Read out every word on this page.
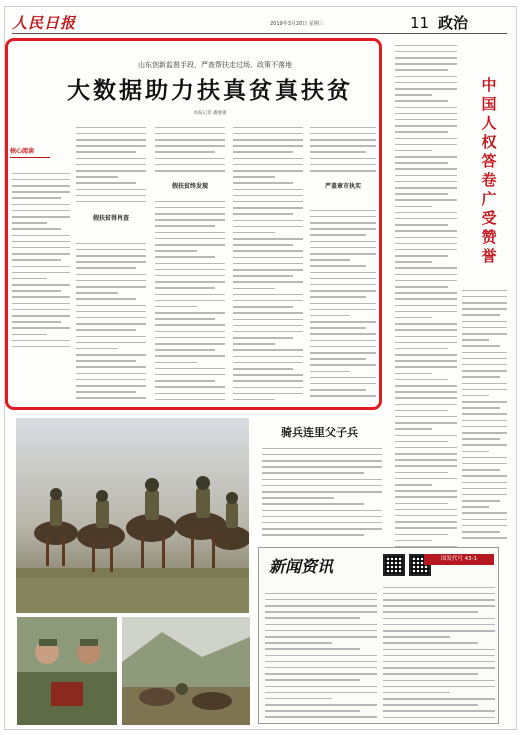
人民日报	2019年3月20日 星期三	11 政治
山东创新监督手段，严查帮扶走过场、政策不落地
大数据助力扶真贫真扶贫
本报记者 潘俊强
核心阅读
假扶贫得肖查
假扶贫终发现	严盖章市执实
中国人权答卷广受赞誉
骑兵连里父子兵
新闻资讯	国发代号 43-1
